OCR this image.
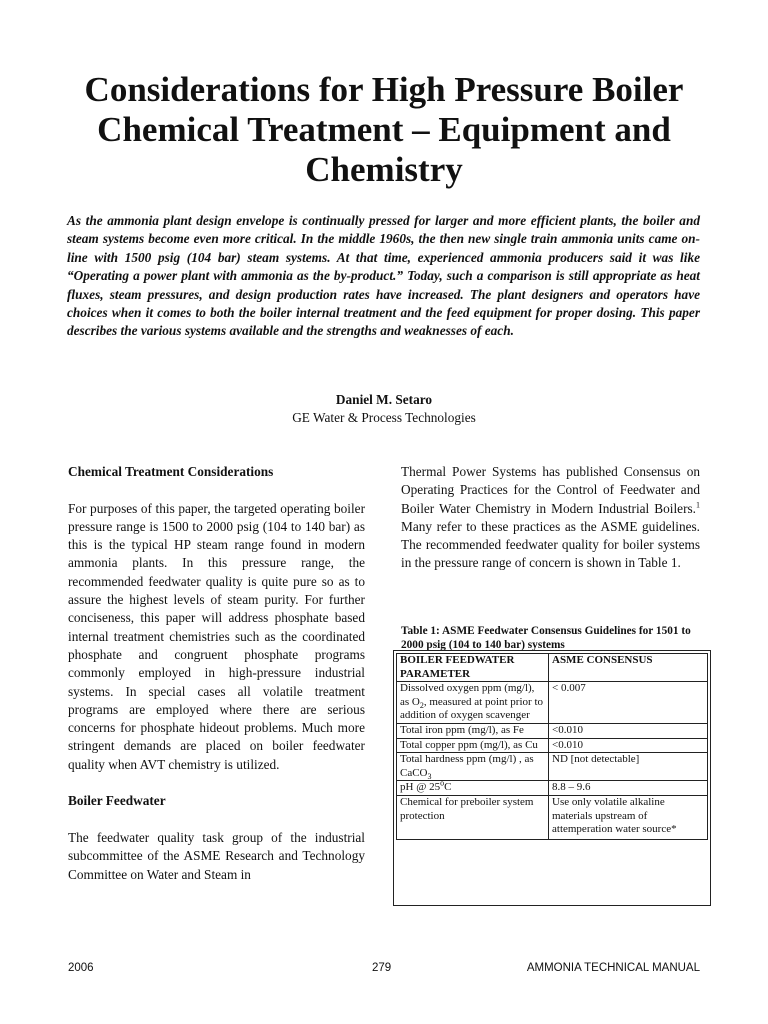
Considerations for High Pressure Boiler Chemical Treatment – Equipment and Chemistry

As the ammonia plant design envelope is continually pressed for larger and more efficient plants, the boiler and steam systems become even more critical. In the middle 1960s, the then new single train ammonia units came on-line with 1500 psig (104 bar) steam systems. At that time, experienced ammonia producers said it was like “Operating a power plant with ammonia as the by-product.” Today, such a comparison is still appropriate as heat fluxes, steam pressures, and design production rates have increased. The plant designers and operators have choices when it comes to both the boiler internal treatment and the feed equipment for proper dosing. This paper describes the various systems available and the strengths and weaknesses of each.

Daniel M. Setaro

GE Water & Process Technologies

Chemical Treatment Considerations

For purposes of this paper, the targeted operating boiler pressure range is 1500 to 2000 psig (104 to 140 bar) as this is the typical HP steam range found in modern ammonia plants. In this pressure range, the recommended feedwater quality is quite pure so as to assure the highest levels of steam purity. For further conciseness, this paper will address phosphate based internal treatment chemistries such as the coordinated phosphate and congruent phosphate programs commonly employed in high-pressure industrial systems. In special cases all volatile treatment programs are employed where there are serious concerns for phosphate hideout problems. Much more stringent demands are placed on boiler feedwater quality when AVT chemistry is utilized.

Boiler Feedwater

The feedwater quality task group of the industrial subcommittee of the ASME Research and Technology Committee on Water and Steam in

Thermal Power Systems has published Consensus on Operating Practices for the Control of Feedwater and Boiler Water Chemistry in Modern Industrial Boilers.$^1$ Many refer to these practices as the ASME guidelines. The recommended feedwater quality for boiler systems in the pressure range of concern is shown in Table 1.

Table 1: ASME Feedwater Consensus Guidelines for 1501 to 2000 psig (104 to 140 bar) systems

BOILER FEEDWATER PARAMETER	ASME CONSENSUS
Dissolved oxygen ppm (mg/l), as $O_2$, measured at point prior to addition of oxygen scavenger	< 0.007
Total iron ppm (mg/l), as Fe	<0.010
Total copper ppm (mg/l), as Cu	<0.010
Total hardness ppm (mg/l) , as CaCO$_3$	ND [not detectable]
pH @ 25$^o$C	8.8 – 9.6
Chemical for preboiler system protection	Use only volatile alkaline materials upstream of attemperation water source*
2006	279	AMMONIA TECHNICAL MANUAL
